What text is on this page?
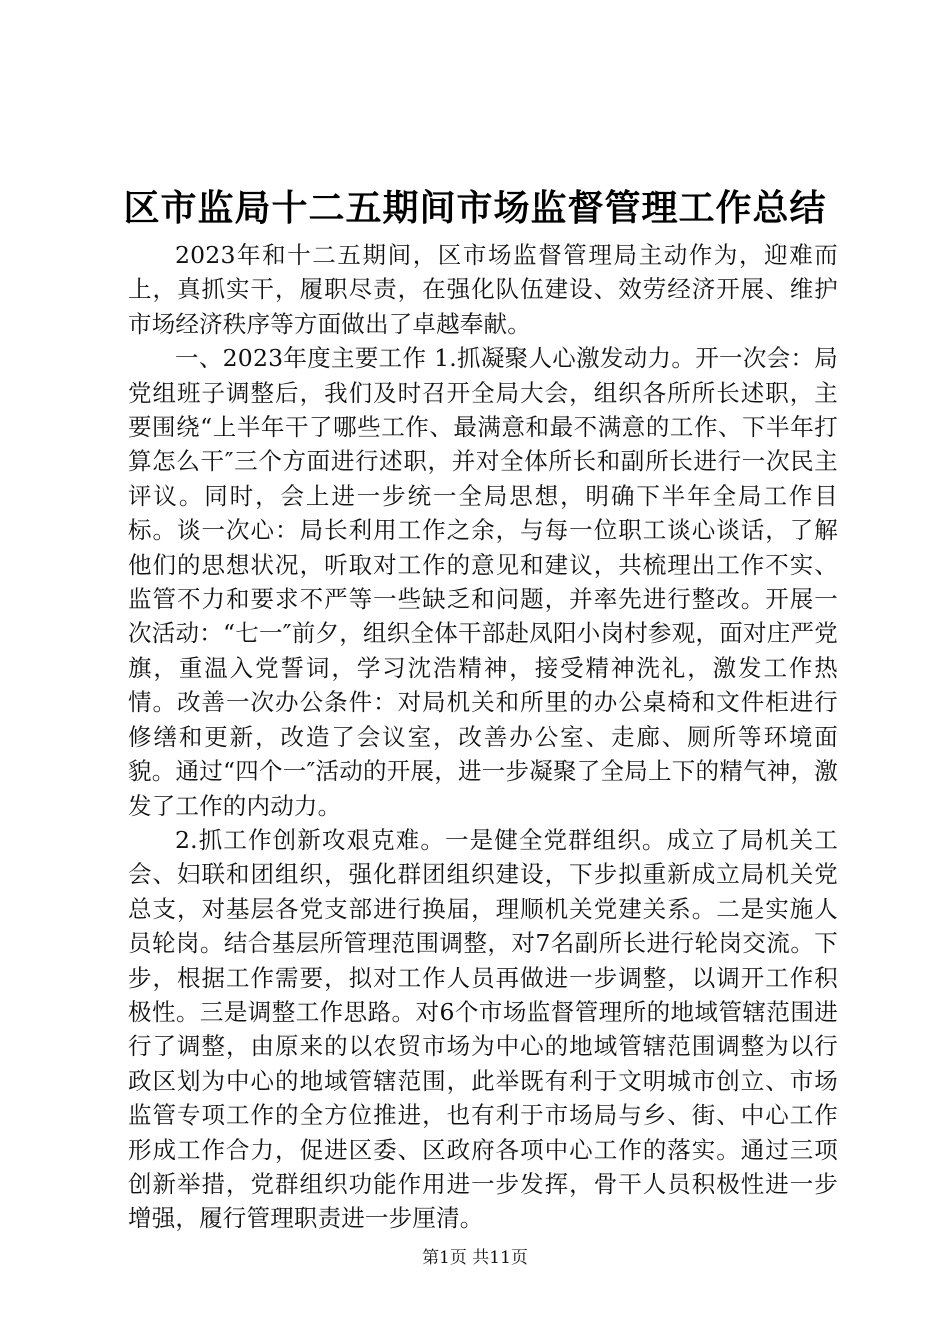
区市监局十二五期间市场监督管理工作总结

2023年和十二五期间，区市场监督管理局主动作为，迎难而上，真抓实干，履职尽责，在强化队伍建设、效劳经济开展、维护市场经济秩序等方面做出了卓越奉献。

一、2023年度主要工作 1.抓凝聚人心激发动力。开一次会：局党组班子调整后，我们及时召开全局大会，组织各所所长述职，主要围绕“上半年干了哪些工作、最满意和最不满意的工作、下半年打算怎么干″三个方面进行述职，并对全体所长和副所长进行一次民主评议。同时，会上进一步统一全局思想，明确下半年全局工作目标。谈一次心：局长利用工作之余，与每一位职工谈心谈话，了解他们的思想状况，听取对工作的意见和建议，共梳理出工作不实、监管不力和要求不严等一些缺乏和问题，并率先进行整改。开展一次活动：“七一″前夕，组织全体干部赴凤阳小岗村参观，面对庄严党旗，重温入党誓词，学习沈浩精神，接受精神洗礼，激发工作热情。改善一次办公条件：对局机关和所里的办公桌椅和文件柜进行修缮和更新，改造了会议室，改善办公室、走廊、厕所等环境面貌。通过“四个一″活动的开展，进一步凝聚了全局上下的精气神，激发了工作的内动力。

2.抓工作创新攻艰克难。一是健全党群组织。成立了局机关工会、妇联和团组织，强化群团组织建设，下步拟重新成立局机关党总支，对基层各党支部进行换届，理顺机关党建关系。二是实施人员轮岗。结合基层所管理范围调整，对7名副所长进行轮岗交流。下步，根据工作需要，拟对工作人员再做进一步调整，以调开工作积极性。三是调整工作思路。对6个市场监督管理所的地域管辖范围进行了调整，由原来的以农贸市场为中心的地域管辖范围调整为以行政区划为中心的地域管辖范围，此举既有利于文明城市创立、市场监管专项工作的全方位推进，也有利于市场局与乡、街、中心工作形成工作合力，促进区委、区政府各项中心工作的落实。通过三项创新举措，党群组织功能作用进一步发挥，骨干人员积极性进一步增强，履行管理职责进一步厘清。

第1页 共11页
